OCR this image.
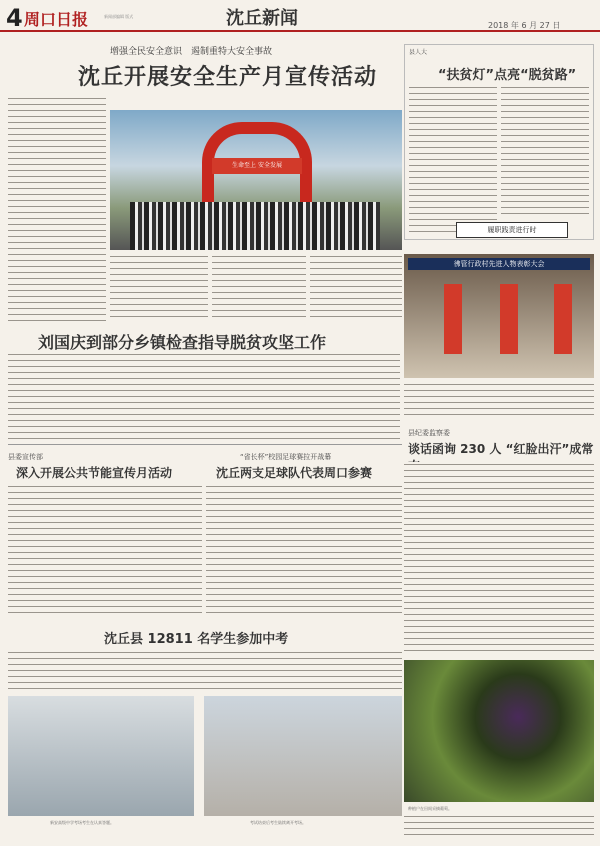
4 周口日报	新闻部编辑 版式	沈丘新闻	2018 年 6 月 27 日
增强全民安全意识　遏制重特大安全事故
沈丘开展安全生产月宣传活动
生命至上 安全发展
县人大
“扶贫灯”点亮“脱贫路”
履职践责进行时
彿管行政村先进人物表彰大会
刘国庆到部分乡镇检查指导脱贫攻坚工作
县委宣传部
深入开展公共节能宣传月活动
“省长杯”校园足球赛拉开战幕
沈丘两支足球队代表周口参赛
县纪委监察委
谈话函询 230 人 “红脸出汗”成常
沈丘县 12811 名学生参加中考
新安高级中学考场考生在认真答题。	考试结束后考生陆续离开考场。
种植户在田间采摘葡萄。
